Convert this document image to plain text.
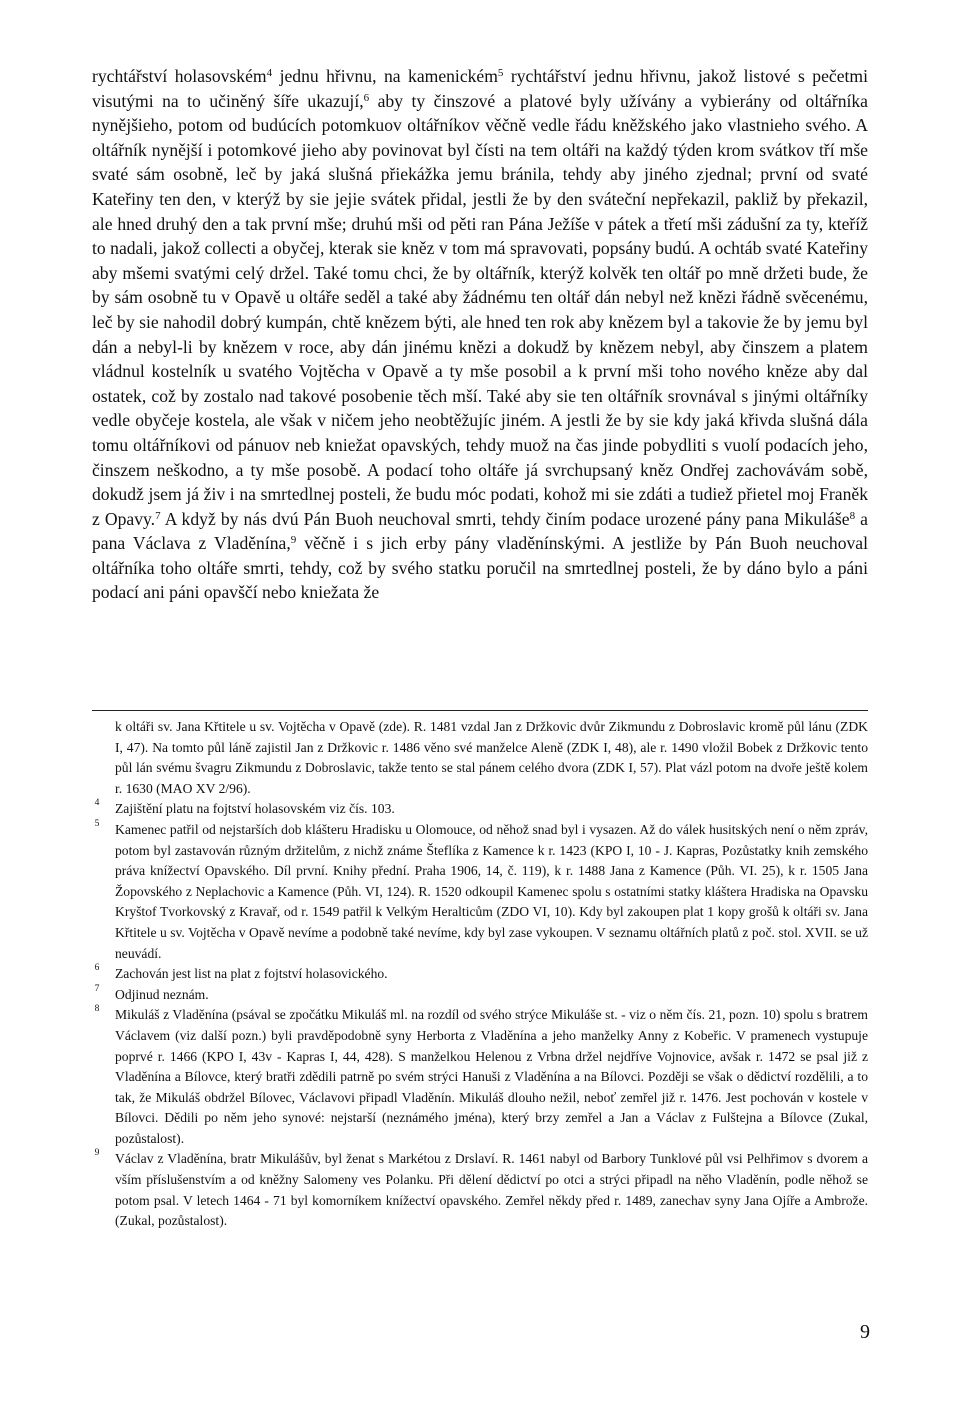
rychtářství holasovském$^4$ jednu hřivnu, na kamenickém$^5$ rychtářství jednu hřivnu, jakož listové s pečetmi visutými na to učiněný šíře ukazují,$^6$ aby ty činszové a platové byly užívány a vybierány od oltářníka nynějšieho, potom od budúcích potomkuov oltářníkov věčně vedle řádu kněžského jako vlastnieho svého. A oltářník nynější i potomkové jieho aby povinovat byl čísti na tem oltáři na každý týden krom svátkov tří mše svaté sám osobně, leč by jaká slušná přiekážka jemu bránila, tehdy aby jiného zjednal; první od svaté Kateřiny ten den, v kterýž by sie jejie svátek přidal, jestli že by den sváteční nepřekazil, pakliž by překazil, ale hned druhý den a tak první mše; druhú mši od pěti ran Pána Ježíše v pátek a třetí mši zádušní za ty, kteříž to nadali, jakož collecti a obyčej, kterak sie kněz v tom má spravovati, popsány budú. A ochtáb svaté Kateřiny aby mšemi svatými celý držel. Také tomu chci, že by oltářník, kterýž kolvěk ten oltář po mně držeti bude, že by sám osobně tu v Opavě u oltáře seděl a také aby žádnému ten oltář dán nebyl než knězi řádně svěcenému, leč by sie nahodil dobrý kumpán, chtě knězem býti, ale hned ten rok aby knězem byl a takovie že by jemu byl dán a nebyl-li by knězem v roce, aby dán jinému knězi a dokudž by knězem nebyl, aby činszem a platem vládnul kostelník u svatého Vojtěcha v Opavě a ty mše posobil a k první mši toho nového kněze aby dal ostatek, což by zostalo nad takové posobenie těch mší. Také aby sie ten oltářník srovnával s jinými oltářníky vedle obyčeje kostela, ale však v ničem jeho neobtěžujíc jiném. A jestli že by sie kdy jaká křivda slušná dála tomu oltářníkovi od pánuov neb kniežat opavských, tehdy muož na čas jinde pobydliti s vuolí podacích jeho, činszem neškodno, a ty mše posobě. A podací toho oltáře já svrchupsaný kněz Ondřej zachovávám sobě, dokudž jsem já živ i na smrtedlnej posteli, že budu móc podati, kohož mi sie zdáti a tudiež přietel moj Franěk z Opavy.$^7$ A když by nás dvú Pán Buoh neuchoval smrti, tehdy činím podace urozené pány pana Mikuláše$^8$ a pana Václava z Vladěnína,$^9$ věčně i s jich erby pány vladěnínskými. A jestliže by Pán Buoh neuchoval oltářníka toho oltáře smrti, tehdy, což by svého statku poručil na smrtedlnej posteli, že by dáno bylo a páni podací ani páni opavščí nebo kniežata že

k oltáři sv. Jana Křtitele u sv. Vojtěcha v Opavě (zde). R. 1481 vzdal Jan z Držkovic dvůr Zikmundu z Dobroslavic kromě půl lánu (ZDK I, 47). Na tomto půl láně zajistil Jan z Držkovic r. 1486 věno své manželce Aleně (ZDK I, 48), ale r. 1490 vložil Bobek z Držkovic tento půl lán svému švagru Zikmundu z Dobroslavic, takže tento se stal pánem celého dvora (ZDK I, 57). Plat vázl potom na dvoře ještě kolem r. 1630 (MAO XV 2/96).
4 Zajištění platu na fojtství holasovském viz čís. 103.
5 Kamenec patřil od nejstarších dob klášteru Hradisku u Olomouce, od něhož snad byl i vysazen. Až do válek husitských není o něm zpráv, potom byl zastavován různým držitelům, z nichž známe Šteflíka z Kamence k r. 1423 (KPO I, 10 - J. Kapras, Pozůstatky knih zemského práva knížectví Opavského. Díl první. Knihy přední. Praha 1906, 14, č. 119), k r. 1488 Jana z Kamence (Půh. VI. 25), k r. 1505 Jana Žopovského z Neplachovic a Kamence (Půh. VI, 124). R. 1520 odkoupil Kamenec spolu s ostatními statky kláštera Hradiska na Opavsku Kryštof Tvorkovský z Kravař, od r. 1549 patřil k Velkým Heralticům (ZDO VI, 10). Kdy byl zakoupen plat 1 kopy grošů k oltáři sv. Jana Křtitele u sv. Vojtěcha v Opavě nevíme a podobně také nevíme, kdy byl zase vykoupen. V seznamu oltářních platů z poč. stol. XVII. se už neuvádí.
6 Zachován jest list na plat z fojtství holasovického.
7 Odjinud neznám.
8 Mikuláš z Vladěnína (psával se zpočátku Mikuláš ml. na rozdíl od svého strýce Mikuláše st. - viz o něm čís. 21, pozn. 10) spolu s bratrem Václavem (viz další pozn.) byli pravděpodobně syny Herborta z Vladěnína a jeho manželky Anny z Kobeřic. V pramenech vystupuje poprvé r. 1466 (KPO I, 43v - Kapras I, 44, 428). S manželkou Helenou z Vrbna držel nejdříve Vojnovice, avšak r. 1472 se psal již z Vladěnína a Bílovce, který bratři zdědili patrně po svém strýci Hanuši z Vladěnína a na Bílovci. Později se však o dědictví rozdělili, a to tak, že Mikuláš obdržel Bílovec, Václavovi připadl Vladěnín. Mikuláš dlouho nežil, neboť zemřel již r. 1476. Jest pochován v kostele v Bílovci. Dědili po něm jeho synové: nejstarší (neznámého jména), který brzy zemřel a Jan a Václav z Fulštejna a Bílovce (Zukal, pozůstalost).
9 Václav z Vladěnína, bratr Mikulášův, byl ženat s Markétou z Drslaví. R. 1461 nabyl od Barbory Tunklové půl vsi Pelhřimov s dvorem a vším příslušenstvím a od kněžny Salomeny ves Polanku. Při dělení dědictví po otci a strýci připadl na něho Vladěnín, podle něhož se potom psal. V letech 1464 - 71 byl komorníkem knížectví opavského. Zemřel někdy před r. 1489, zanechav syny Jana Ojíře a Ambrože. (Zukal, pozůstalost).
9
